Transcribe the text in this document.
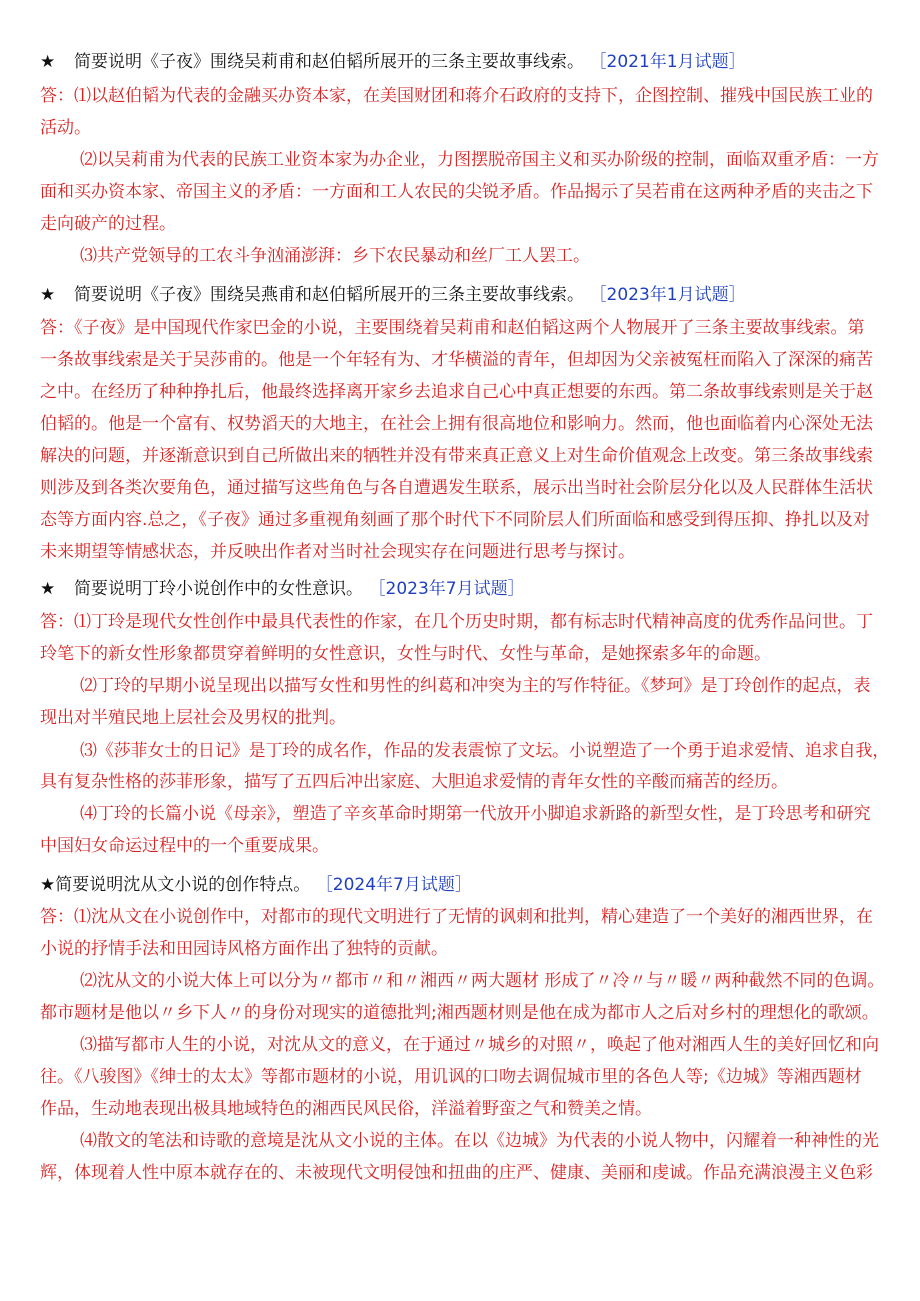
★ 简要说明《子夜》围绕吴莉甫和赵伯韬所展开的三条主要故事线索。 ［2021年1月试题］
答：⑴以赵伯韬为代表的金融买办资本家，在美国财团和蒋介石政府的支持下，企图控制、摧残中国民族工业的
活动。
⑵以吴莉甫为代表的民族工业资本家为办企业，力图摆脱帝国主义和买办阶级的控制，面临双重矛盾：一方
面和买办资本家、帝国主义的矛盾：一方面和工人农民的尖锐矛盾。作品揭示了吴若甫在这两种矛盾的夹击之下
走向破产的过程。
⑶共产党领导的工农斗争汹涌澎湃：乡下农民暴动和丝厂工人罢工。
★ 简要说明《子夜》围绕吴燕甫和赵伯韬所展开的三条主要故事线索。 ［2023年1月试题］
答：《子夜》是中国现代作家巴金的小说，主要围绕着吴莉甫和赵伯韬这两个人物展开了三条主要故事线索。第
一条故事线索是关于吴莎甫的。他是一个年轻有为、才华横溢的青年，但却因为父亲被冤枉而陷入了深深的痛苦
之中。在经历了种种挣扎后，他最终选择离开家乡去追求自己心中真正想要的东西。第二条故事线索则是关于赵
伯韬的。他是一个富有、权势滔天的大地主，在社会上拥有很高地位和影响力。然而，他也面临着内心深处无法
解决的问题，并逐渐意识到自己所做出来的牺牲并没有带来真正意义上对生命价值观念上改变。第三条故事线索
则涉及到各类次要角色，通过描写这些角色与各自遭遇发生联系，展示出当时社会阶层分化以及人民群体生活状
态等方面内容.总之，《子夜》通过多重视角刻画了那个时代下不同阶层人们所面临和感受到得压抑、挣扎以及对
未来期望等情感状态，并反映出作者对当时社会现实存在问题进行思考与探讨。
★ 简要说明丁玲小说创作中的女性意识。 ［2023年7月试题］
答：⑴丁玲是现代女性创作中最具代表性的作家，在几个历史时期，都有标志时代精神高度的优秀作品问世。丁
玲笔下的新女性形象都贯穿着鲜明的女性意识，女性与时代、女性与革命，是她探索多年的命题。
⑵丁玲的早期小说呈现出以描写女性和男性的纠葛和冲突为主的写作特征。《梦珂》是丁玲创作的起点，表
现出对半殖民地上层社会及男权的批判。
⑶《莎菲女士的日记》是丁玲的成名作，作品的发表震惊了文坛。小说塑造了一个勇于追求爱情、追求自我，
具有复杂性格的莎菲形象，描写了五四后冲出家庭、大胆追求爱情的青年女性的辛酸而痛苦的经历。
⑷丁玲的长篇小说《母亲》，塑造了辛亥革命时期第一代放开小脚追求新路的新型女性，是丁玲思考和研究
中国妇女命运过程中的一个重要成果。
★简要说明沈从文小说的创作特点。 ［2024年7月试题］
答：⑴沈从文在小说创作中，对都市的现代文明进行了无情的讽刺和批判，精心建造了一个美好的湘西世界，在
小说的抒情手法和田园诗风格方面作出了独特的贡献。
⑵沈从文的小说大体上可以分为〃都市〃和〃湘西〃两大题材 形成了〃冷〃与〃暖〃两种截然不同的色调。
都市题材是他以〃乡下人〃的身份对现实的道德批判;湘西题材则是他在成为都市人之后对乡村的理想化的歌颂。
⑶描写都市人生的小说，对沈从文的意义，在于通过〃城乡的对照〃，唤起了他对湘西人生的美好回忆和向
往。《八骏图》《绅士的太太》等都市题材的小说，用讥讽的口吻去调侃城市里的各色人等;《边城》等湘西题材
作品，生动地表现出极具地域特色的湘西民风民俗，洋溢着野蛮之气和赞美之情。
⑷散文的笔法和诗歌的意境是沈从文小说的主体。在以《边城》为代表的小说人物中，闪耀着一种神性的光
辉，体现着人性中原本就存在的、未被现代文明侵蚀和扭曲的庄严、健康、美丽和虔诚。作品充满浪漫主义色彩
